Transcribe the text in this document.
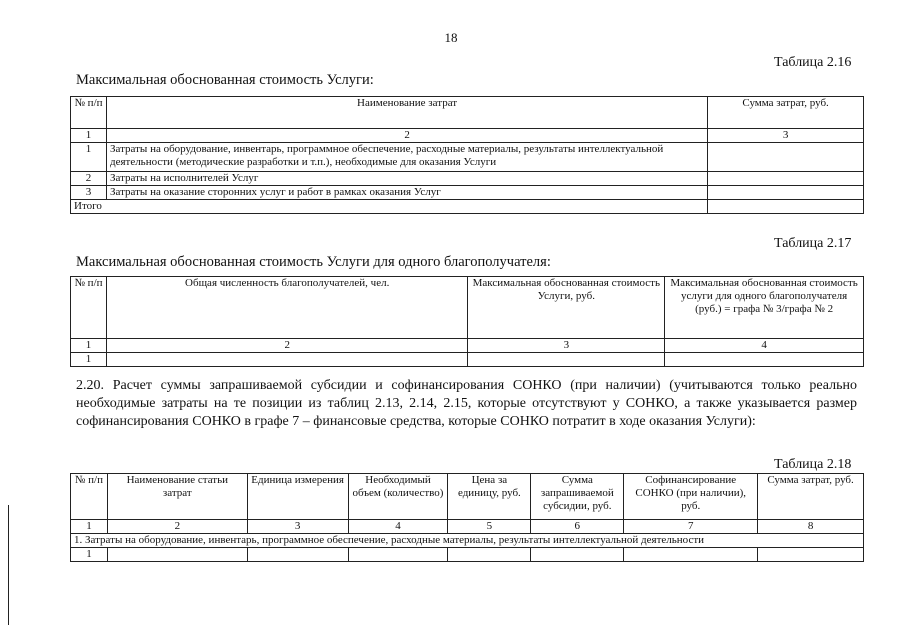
18
Таблица 2.16
Максимальная обоснованная стоимость Услуги:
№ п/п	Наименование затрат	Сумма затрат, руб.
1	2	3
1	Затраты на оборудование, инвентарь, программное обеспечение, расходные материалы, результаты интеллектуальной деятельности (методические разработки и т.п.), необходимые для оказания Услуги	
2	Затраты на исполнителей Услуг	
3	Затраты на оказание сторонних услуг и работ в рамках оказания Услуг	
Итого		
Таблица 2.17
Максимальная обоснованная стоимость Услуги для одного благополучателя:
№ п/п	Общая численность благополучателей, чел.	Максимальная обоснованная стоимость Услуги, руб.	Максимальная обоснованная стоимость услуги для одного благополучателя (руб.) = графа № 3/графа № 2
1	2	3	4
1			
2.20. Расчет суммы запрашиваемой субсидии и софинансирования СОНКО (при наличии) (учитываются только реально необходимые затраты на те позиции из таблиц 2.13, 2.14, 2.15, которые отсутствуют у СОНКО, а также указывается размер софинансирования СОНКО в графе 7 – финансовые средства, которые СОНКО потратит в ходе оказания Услуги):
Таблица 2.18
№ п/п	Наименование статьи затрат	Единица измерения	Необходимый объем (количество)	Цена за единицу, руб.	Сумма запрашиваемой субсидии, руб.	Софинансирование СОНКО (при наличии), руб.	Сумма затрат, руб.
1	2	3	4	5	6	7	8
1. Затраты на оборудование, инвентарь, программное обеспечение, расходные материалы, результаты интеллектуальной деятельности							
1							
